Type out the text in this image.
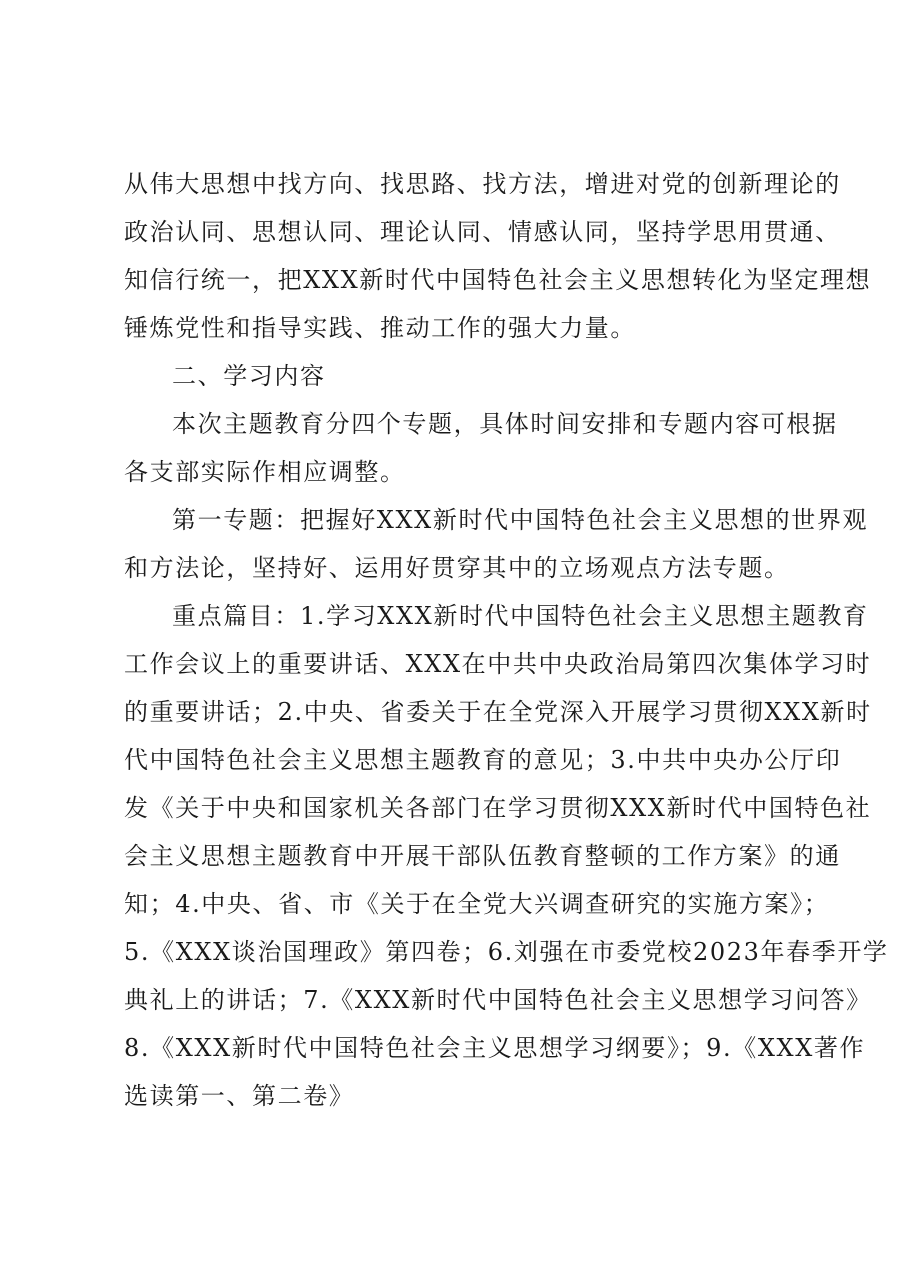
从伟大思想中找方向、找思路、找方法，增进对党的创新理论的
政治认同、思想认同、理论认同、情感认同，坚持学思用贯通、
知信行统一，把XXX新时代中国特色社会主义思想转化为坚定理想
锤炼党性和指导实践、推动工作的强大力量。
二、学习内容
本次主题教育分四个专题，具体时间安排和专题内容可根据
各支部实际作相应调整。
第一专题：把握好XXX新时代中国特色社会主义思想的世界观
和方法论，坚持好、运用好贯穿其中的立场观点方法专题。
重点篇目：1.学习XXX新时代中国特色社会主义思想主题教育
工作会议上的重要讲话、XXX在中共中央政治局第四次集体学习时
的重要讲话；2.中央、省委关于在全党深入开展学习贯彻XXX新时
代中国特色社会主义思想主题教育的意见；3.中共中央办公厅印
发《关于中央和国家机关各部门在学习贯彻XXX新时代中国特色社
会主义思想主题教育中开展干部队伍教育整顿的工作方案》的通
知；4.中央、省、市《关于在全党大兴调查研究的实施方案》；
5.《XXX谈治国理政》第四卷；6.刘强在市委党校2023年春季开学
典礼上的讲话；7.《XXX新时代中国特色社会主义思想学习问答》
8.《XXX新时代中国特色社会主义思想学习纲要》；9.《XXX著作
选读第一、第二卷》
